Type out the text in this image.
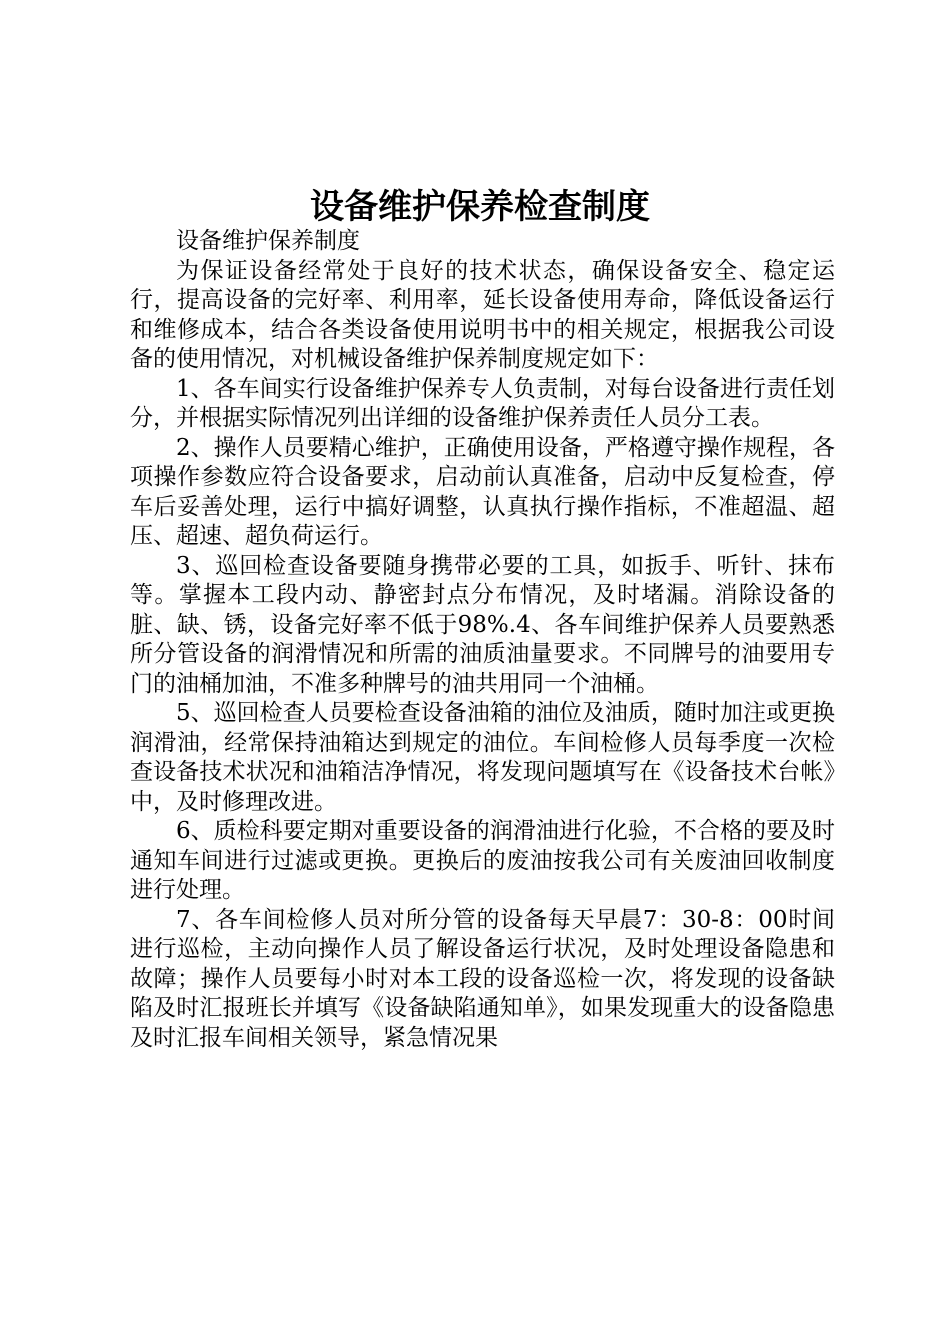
设备维护保养检查制度

设备维护保养制度

为保证设备经常处于良好的技术状态，确保设备安全、稳定运行，提高设备的完好率、利用率，延长设备使用寿命，降低设备运行和维修成本，结合各类设备使用说明书中的相关规定，根据我公司设备的使用情况，对机械设备维护保养制度规定如下：

1、各车间实行设备维护保养专人负责制，对每台设备进行责任划分，并根据实际情况列出详细的设备维护保养责任人员分工表。

2、操作人员要精心维护，正确使用设备，严格遵守操作规程，各项操作参数应符合设备要求，启动前认真准备，启动中反复检查，停车后妥善处理，运行中搞好调整，认真执行操作指标，不准超温、超压、超速、超负荷运行。

3、巡回检查设备要随身携带必要的工具，如扳手、听针、抹布等。掌握本工段内动、静密封点分布情况，及时堵漏。消除设备的脏、缺、锈，设备完好率不低于98%.4、各车间维护保养人员要熟悉所分管设备的润滑情况和所需的油质油量要求。不同牌号的油要用专门的油桶加油，不准多种牌号的油共用同一个油桶。

5、巡回检查人员要检查设备油箱的油位及油质，随时加注或更换润滑油，经常保持油箱达到规定的油位。车间检修人员每季度一次检查设备技术状况和油箱洁净情况，将发现问题填写在《设备技术台帐》中，及时修理改进。

6、质检科要定期对重要设备的润滑油进行化验，不合格的要及时通知车间进行过滤或更换。更换后的废油按我公司有关废油回收制度进行处理。

7、各车间检修人员对所分管的设备每天早晨7：30-8：00时间进行巡检，主动向操作人员了解设备运行状况，及时处理设备隐患和故障；操作人员要每小时对本工段的设备巡检一次，将发现的设备缺陷及时汇报班长并填写《设备缺陷通知单》，如果发现重大的设备隐患及时汇报车间相关领导，紧急情况果
